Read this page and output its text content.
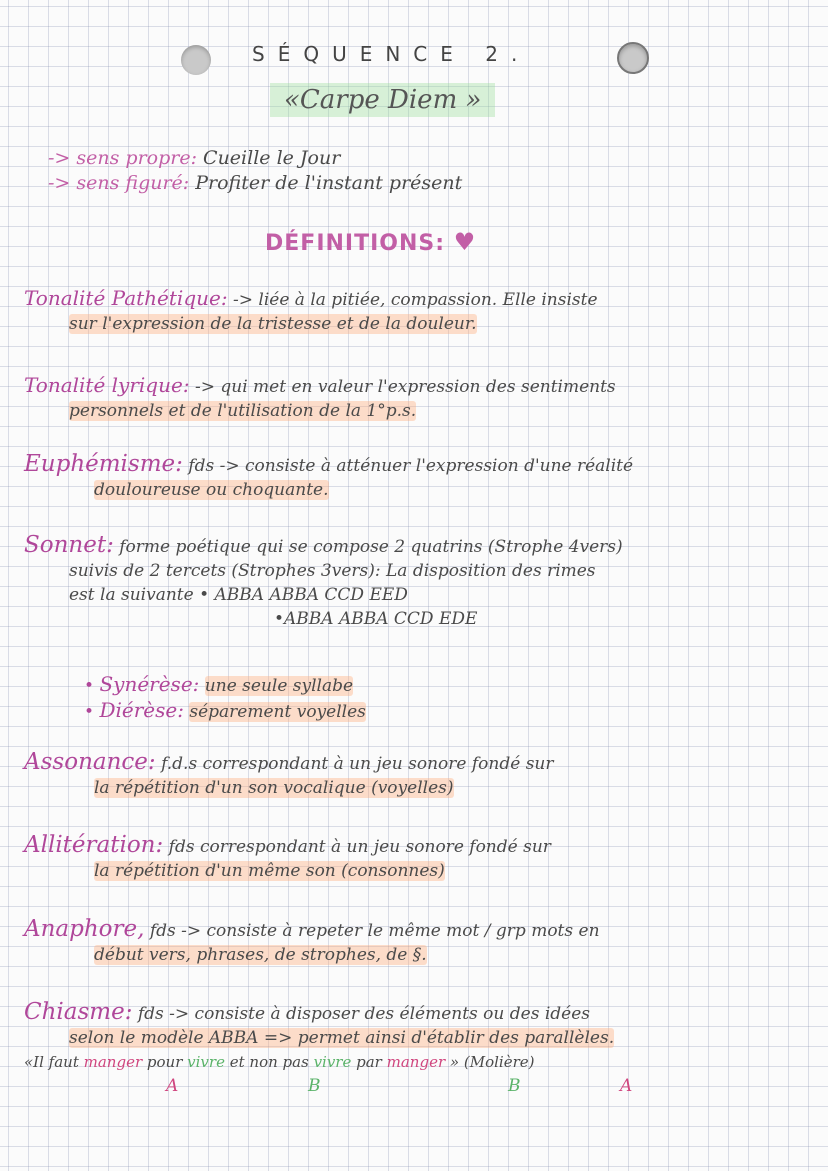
SÉQUENCE 2.
«Carpe Diem »
-> sens propre: Cueille le Jour
-> sens figuré: Profiter de l'instant présent
DÉFINITIONS: ♥
Tonalité Pathétique: -> liée à la pitiée, compassion. Elle insiste
sur l'expression de la tristesse et de la douleur.
Tonalité lyrique: -> qui met en valeur l'expression des sentiments
personnels et de l'utilisation de la 1°p.s.
Euphémisme: fds -> consiste à atténuer l'expression d'une réalité
douloureuse ou choquante.
Sonnet: forme poétique qui se compose 2 quatrins (Strophe 4vers)
suivis de 2 tercets (Strophes 3vers): La disposition des rimes
est la suivante • ABBA ABBA CCD EED
•ABBA ABBA CCD EDE
• Synérèse: une seule syllabe
• Diérèse: séparement voyelles
Assonance: f.d.s correspondant à un jeu sonore fondé sur
la répétition d'un son vocalique (voyelles)
Allitération: fds correspondant à un jeu sonore fondé sur
la répétition d'un même son (consonnes)
Anaphore, fds -> consiste à repeter le même mot / grp mots en
début vers, phrases, de strophes, de §.
Chiasme: fds -> consiste à disposer des éléments ou des idées
selon le modèle ABBA => permet ainsi d'établir des parallèles.
«Il faut manger pour vivre et non pas vivre par manger » (Molière)
A	B	B	A
